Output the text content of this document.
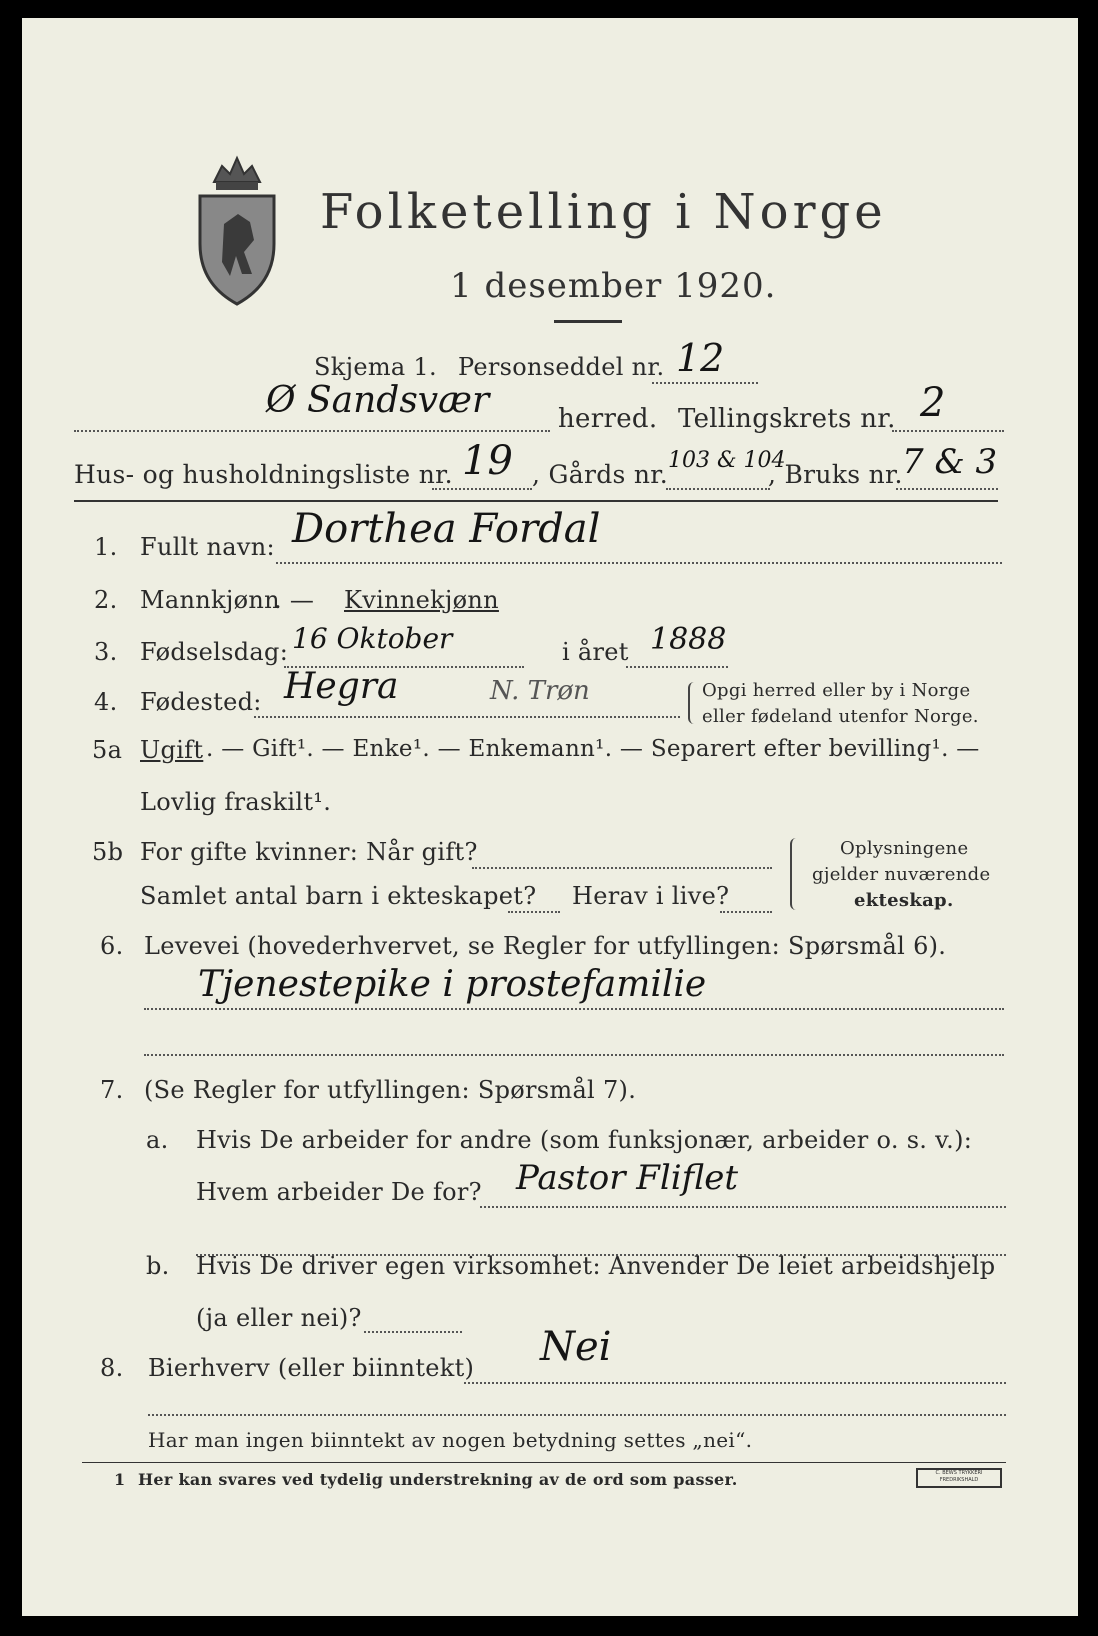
Folketelling i Norge
1 desember 1920.
Skjema 1. Personseddel nr. 12
Ø Sandsvær	herred. Tellingskrets nr. 2
Hus- og husholdningsliste nr. 19 , Gårds nr. 103 & 104
, Bruks nr. 7 & 3
1. Fullt navn: Dorthea Fordal
2. Mannkjønn
. — Kvinnekjønn
3. Fødselsdag: 16 Oktober	i året 1888
4. Fødested: Hegra	N. Trøn	Opgi herred eller by i Norge
eller fødeland utenfor Norge.
5a Ugift . — Gift¹. — Enke¹. — Enkemann¹. — Separert efter bevilling¹. —
Lovlig fraskilt¹.
5b For gifte kvinner: Når gift?
Samlet antal barn i ekteskapet? Herav i live?
Oplysningene
gjelder nuværende
ekteskap.
6. Levevei (hovederhvervet, se Regler for utfyllingen: Spørsmål 6).
Tjenestepike i prostefamilie
7. (Se Regler for utfyllingen: Spørsmål 7).
a. Hvis De arbeider for andre (som funksjonær, arbeider o. s. v.):
Hvem arbeider De for? Pastor Fliflet
b. Hvis De driver egen virksomhet: Anvender De leiet arbeidshjelp
(ja eller nei)?
8. Bierhverv (eller biinntekt) Nei
Har man ingen biinntekt av nogen betydning settes „nei“.
1 Her kan svares ved tydelig understrekning av de ord som passer.	C. BEWS TRYKKERI
FREDRIKSHALD
